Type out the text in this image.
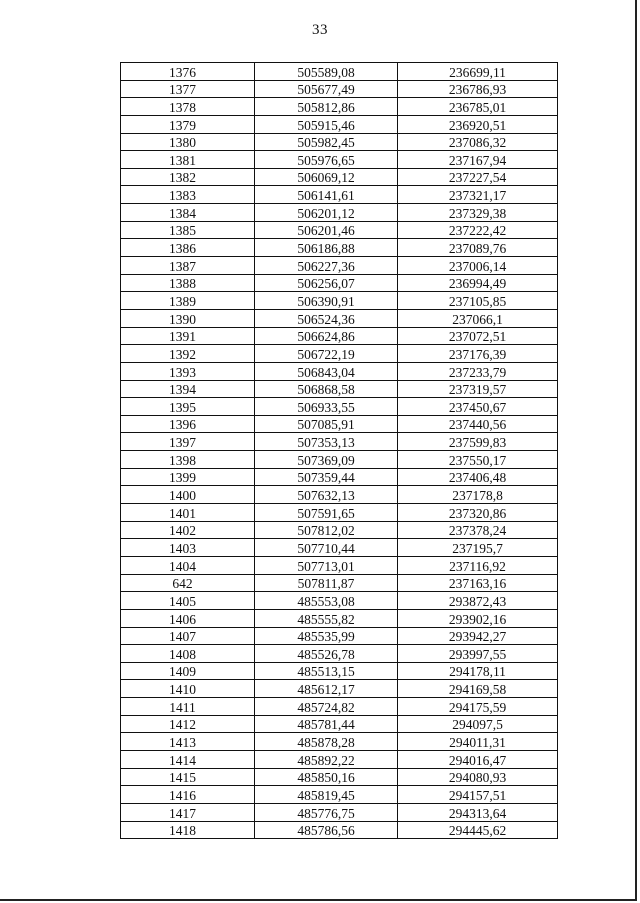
33
1376	505589,08	236699,11
1377	505677,49	236786,93
1378	505812,86	236785,01
1379	505915,46	236920,51
1380	505982,45	237086,32
1381	505976,65	237167,94
1382	506069,12	237227,54
1383	506141,61	237321,17
1384	506201,12	237329,38
1385	506201,46	237222,42
1386	506186,88	237089,76
1387	506227,36	237006,14
1388	506256,07	236994,49
1389	506390,91	237105,85
1390	506524,36	237066,1
1391	506624,86	237072,51
1392	506722,19	237176,39
1393	506843,04	237233,79
1394	506868,58	237319,57
1395	506933,55	237450,67
1396	507085,91	237440,56
1397	507353,13	237599,83
1398	507369,09	237550,17
1399	507359,44	237406,48
1400	507632,13	237178,8
1401	507591,65	237320,86
1402	507812,02	237378,24
1403	507710,44	237195,7
1404	507713,01	237116,92
642	507811,87	237163,16
1405	485553,08	293872,43
1406	485555,82	293902,16
1407	485535,99	293942,27
1408	485526,78	293997,55
1409	485513,15	294178,11
1410	485612,17	294169,58
1411	485724,82	294175,59
1412	485781,44	294097,5
1413	485878,28	294011,31
1414	485892,22	294016,47
1415	485850,16	294080,93
1416	485819,45	294157,51
1417	485776,75	294313,64
1418	485786,56	294445,62
